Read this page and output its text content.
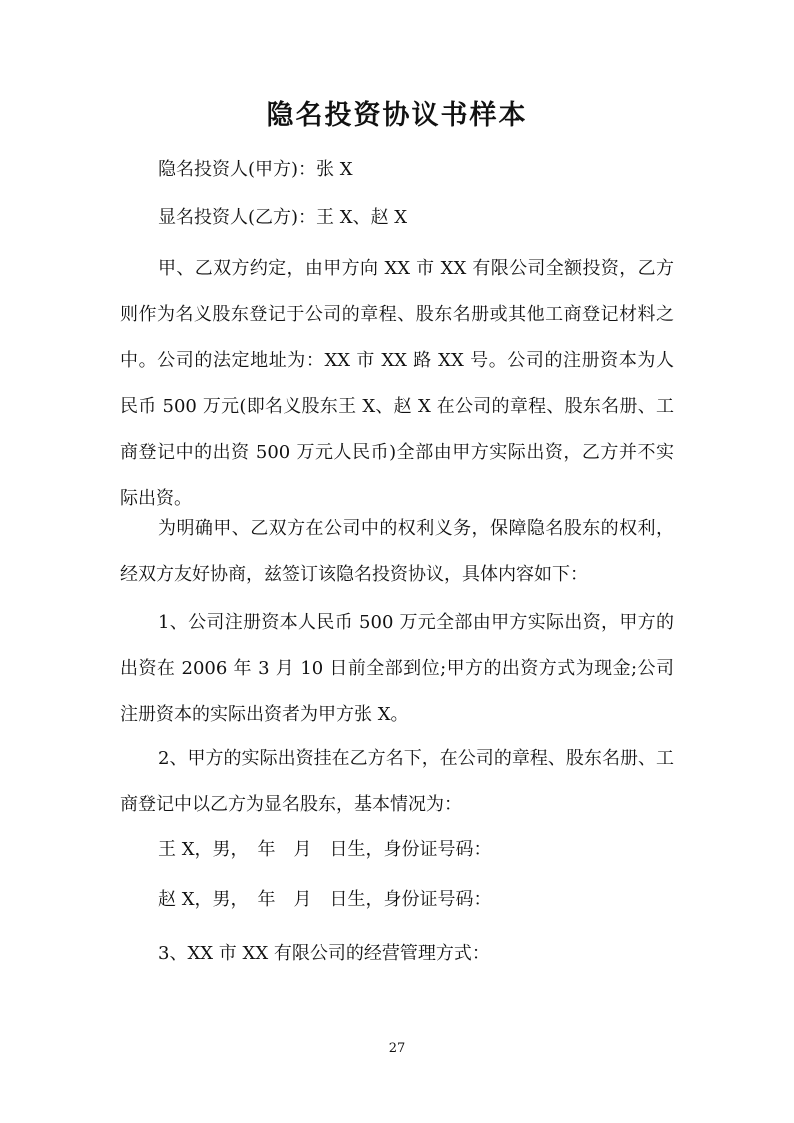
隐名投资协议书样本
隐名投资人(甲方)：张 X
显名投资人(乙方)：王 X、赵 X
甲、乙双方约定，由甲方向 XX 市 XX 有限公司全额投资，乙方则作为名义股东登记于公司的章程、股东名册或其他工商登记材料之中。公司的法定地址为：XX 市 XX 路 XX 号。公司的注册资本为人民币 500 万元(即名义股东王 X、赵 X 在公司的章程、股东名册、工商登记中的出资 500 万元人民币)全部由甲方实际出资，乙方并不实际出资。
为明确甲、乙双方在公司中的权利义务，保障隐名股东的权利，经双方友好协商，兹签订该隐名投资协议，具体内容如下：
1、公司注册资本人民币 500 万元全部由甲方实际出资，甲方的出资在 2006 年 3 月 10 日前全部到位;甲方的出资方式为现金;公司注册资本的实际出资者为甲方张 X。
2、甲方的实际出资挂在乙方名下，在公司的章程、股东名册、工商登记中以乙方为显名股东，基本情况为：
王 X，男，　年　月　日生，身份证号码：
赵 X，男，　年　月　日生，身份证号码：
3、XX 市 XX 有限公司的经营管理方式：
27
